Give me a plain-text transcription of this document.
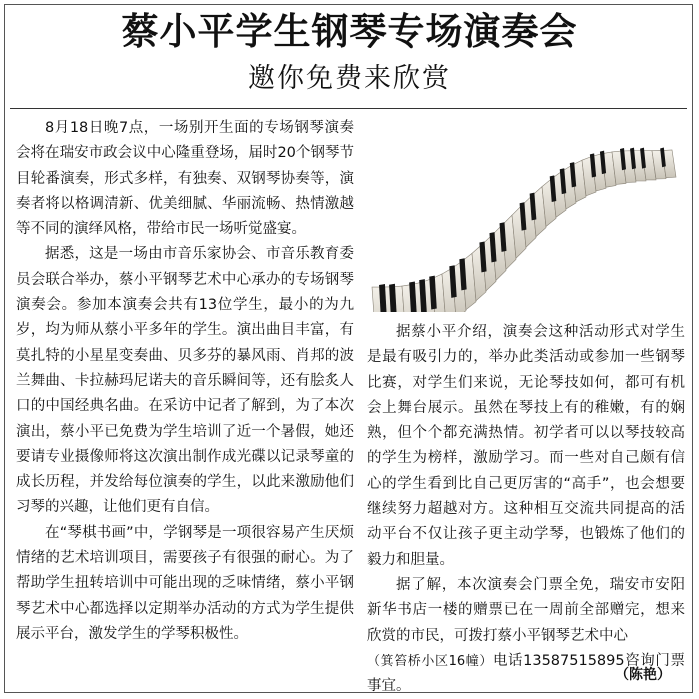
蔡小平学生钢琴专场演奏会
邀你免费来欣赏

8月18日晚7点，一场别开生面的专场钢琴演奏会将在瑞安市政会议中心隆重登场，届时20个钢琴节目轮番演奏，形式多样，有独奏、双钢琴协奏等，演奏者将以格调清新、优美细腻、华丽流畅、热情激越等不同的演绎风格，带给市民一场听觉盛宴。

据悉，这是一场由市音乐家协会、市音乐教育委员会联合举办，蔡小平钢琴艺术中心承办的专场钢琴演奏会。参加本演奏会共有13位学生，最小的为九岁，均为师从蔡小平多年的学生。演出曲目丰富，有莫扎特的小星星变奏曲、贝多芬的暴风雨、肖邦的波兰舞曲、卡拉赫玛尼诺夫的音乐瞬间等，还有脍炙人口的中国经典名曲。在采访中记者了解到，为了本次演出，蔡小平已免费为学生培训了近一个暑假，她还要请专业摄像师将这次演出制作成光碟以记录琴童的成长历程，并发给每位演奏的学生，以此来激励他们习琴的兴趣，让他们更有自信。

在“琴棋书画”中，学钢琴是一项很容易产生厌烦情绪的艺术培训项目，需要孩子有很强的耐心。为了帮助学生扭转培训中可能出现的乏味情绪，蔡小平钢琴艺术中心都选择以定期举办活动的方式为学生提供展示平台，激发学生的学琴积极性。

据蔡小平介绍，演奏会这种活动形式对学生是最有吸引力的，举办此类活动或参加一些钢琴比赛，对学生们来说，无论琴技如何，都可有机会上舞台展示。虽然在琴技上有的稚嫩，有的娴熟，但个个都充满热情。初学者可以以琴技较高的学生为榜样，激励学习。而一些对自己颇有信心的学生看到比自己更厉害的“高手”，也会想要继续努力超越对方。这种相互交流共同提高的活动平台不仅让孩子更主动学琴，也锻炼了他们的毅力和胆量。

据了解，本次演奏会门票全免，瑞安市安阳新华书店一楼的赠票已在一周前全部赠完，想来欣赏的市民，可拨打蔡小平钢琴艺术中心
（箕笞桥小区16幢）电话13587515895咨询门票事宜。

（陈艳）
